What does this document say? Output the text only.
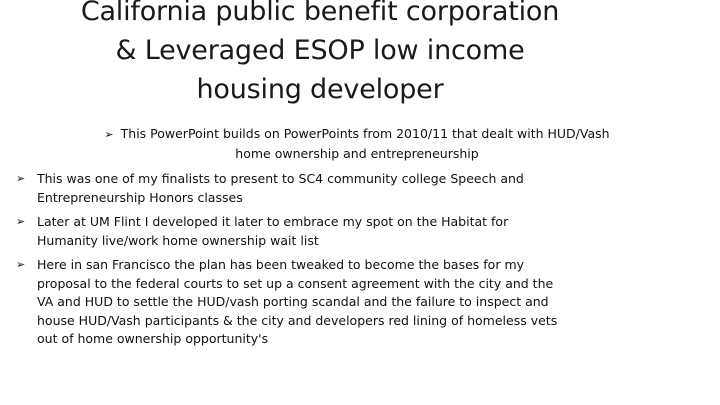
California public benefit corporation
& Leveraged ESOP low income
housing developer
➢ This PowerPoint builds on PowerPoints from 2010/11 that dealt with HUD/Vash
home ownership and entrepreneurship
➢ This was one of my finalists to present to SC4 community college Speech and
Entrepreneurship Honors classes
➢ Later at UM Flint I developed it later to embrace my spot on the Habitat for
Humanity live/work home ownership wait list
➢ Here in san Francisco the plan has been tweaked to become the bases for my
proposal to the federal courts to set up a consent agreement with the city and the
VA and HUD to settle the HUD/vash porting scandal and the failure to inspect and
house HUD/Vash participants & the city and developers red lining of homeless vets
out of home ownership opportunity's
